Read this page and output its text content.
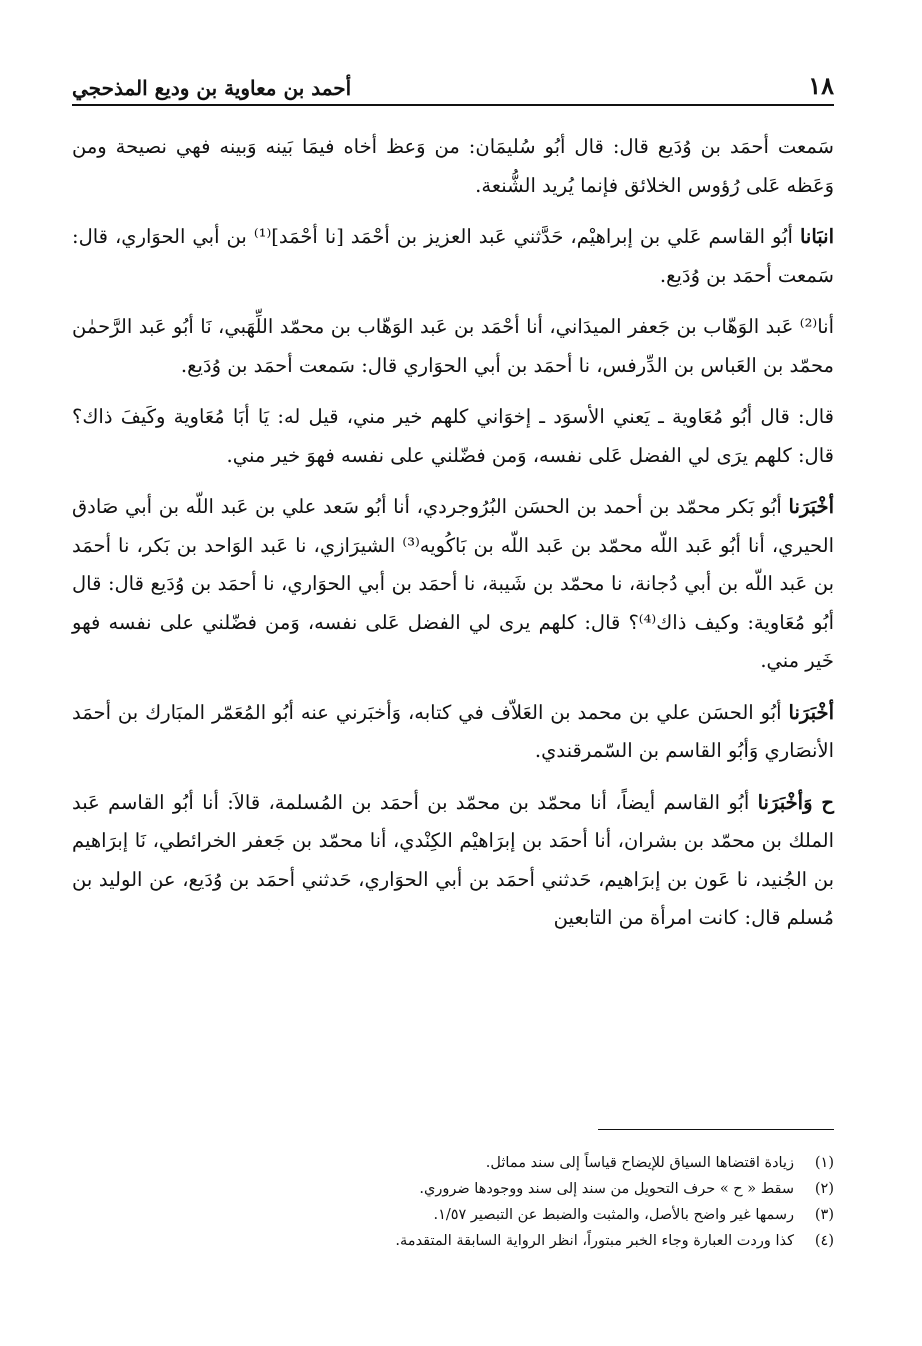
١٨
أحمد بن معاوية بن وديع المذحجي

سَمعت أحمَد بن وُدَيع قال: قال أبُو سُليمَان: من وَعظ أخاه فيمَا بَينه وَبينه فهي نصيحة ومن وَعَظه عَلى رُؤوس الخلائق فإنما يُريد الشُّنعة.

انبَانا أبُو القاسم عَلي بن إبراهيْم، حَدَّثني عَبد العزيز بن أحْمَد [نا أحْمَد]⁽¹⁾ بن أبي الحوَاري، قال: سَمعت أحمَد بن وُدَيع.

أنا⁽²⁾ عَبد الوَهّاب بن جَعفر الميدَاني، أنا أحْمَد بن عَبد الوَهّاب بن محمّد اللِّهَبي، نَا أبُو عَبد الرَّحمٰن محمّد بن العَباس بن الدِّرفس، نا أحمَد بن أبي الحوَاري قال: سَمعت أحمَد بن وُدَيع.

قال: قال أبُو مُعَاوية ـ يَعني الأسوَد ـ إخوَاني كلهم خير مني، قيل له: يَا أبَا مُعَاوية وكَيفَ ذاك؟ قال: كلهم يرَى لي الفضل عَلى نفسه، وَمن فضّلني على نفسه فهوَ خير مني.

أخْبَرَنا أبُو بَكر محمّد بن أحمد بن الحسَن البُرُوجردي، أنا أبُو سَعد علي بن عَبد اللّه بن أبي صَادق الحيري، أنا أبُو عَبد اللّه محمّد بن عَبد اللّه بن بَاكُويه⁽³⁾ الشيرَازي، نا عَبد الوَاحد بن بَكر، نا أحمَد بن عَبد اللّه بن أبي دُجانة، نا محمّد بن شَيبة، نا أحمَد بن أبي الحوَاري، نا أحمَد بن وُدَيع قال: قال أبُو مُعَاوية: وكيف ذاك⁽⁴⁾؟ قال: كلهم يرى لي الفضل عَلى نفسه، وَمن فضّلني على نفسه فهو خَير مني.

أخْبَرَنا أبُو الحسَن علي بن محمد بن العَلاّف في كتابه، وَأخبَرني عنه أبُو المُعَمّر المبَارك بن أحمَد الأنصَاري وَأبُو القاسم بن السّمرقندي.

ح وَأخْبَرَنا أبُو القاسم أيضاً، أنا محمّد بن محمّد بن أحمَد بن المُسلمة، قالاَ: أنا أبُو القاسم عَبد الملك بن محمّد بن بشران، أنا أحمَد بن إبرَاهيْم الكِنْدي، أنا محمّد بن جَعفر الخرائطي، نَا إبرَاهيم بن الجُنيد، نا عَون بن إبرَاهيم، حَدثني أحمَد بن أبي الحوَاري، حَدثني أحمَد بن وُدَيع، عن الوليد بن مُسلم قال: كانت امرأة من التابعين

(١)
زيادة اقتضاها السياق للإيضاح قياساً إلى سند مماثل.
(٢)
سقط « ح » حرف التحويل من سند إلى سند ووجودها ضروري.
(٣)
رسمها غير واضح بالأصل، والمثبت والضبط عن التبصير ١/٥٧.
(٤)
كذا وردت العبارة وجاء الخبر مبتوراً، انظر الرواية السابقة المتقدمة.
